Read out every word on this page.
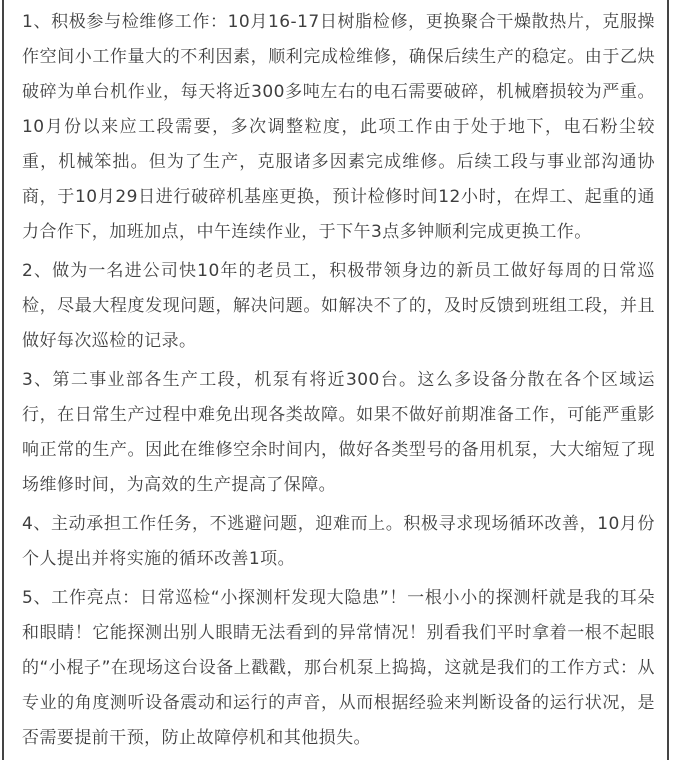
1、积极参与检维修工作：10月16-17日树脂检修，更换聚合干燥散热片，克服操作空间小工作量大的不利因素，顺利完成检维修，确保后续生产的稳定。由于乙炔破碎为单台机作业，每天将近300多吨左右的电石需要破碎，机械磨损较为严重。10月份以来应工段需要，多次调整粒度，此项工作由于处于地下，电石粉尘较重，机械笨拙。但为了生产，克服诸多因素完成维修。后续工段与事业部沟通协商，于10月29日进行破碎机基座更换，预计检修时间12小时，在焊工、起重的通力合作下，加班加点，中午连续作业，于下午3点多钟顺利完成更换工作。

2、做为一名进公司快10年的老员工，积极带领身边的新员工做好每周的日常巡检，尽最大程度发现问题，解决问题。如解决不了的，及时反馈到班组工段，并且做好每次巡检的记录。

3、第二事业部各生产工段，机泵有将近300台。这么多设备分散在各个区域运行，在日常生产过程中难免出现各类故障。如果不做好前期准备工作，可能严重影响正常的生产。因此在维修空余时间内，做好各类型号的备用机泵，大大缩短了现场维修时间，为高效的生产提高了保障。

4、主动承担工作任务，不逃避问题，迎难而上。积极寻求现场循环改善，10月份个人提出并将实施的循环改善1项。

5、工作亮点：日常巡检“小探测杆发现大隐患”！一根小小的探测杆就是我的耳朵和眼睛！它能探测出别人眼睛无法看到的异常情况！别看我们平时拿着一根不起眼的“小棍子”在现场这台设备上戳戳，那台机泵上捣捣，这就是我们的工作方式：从专业的角度测听设备震动和运行的声音，从而根据经验来判断设备的运行状况，是否需要提前干预，防止故障停机和其他损失。
